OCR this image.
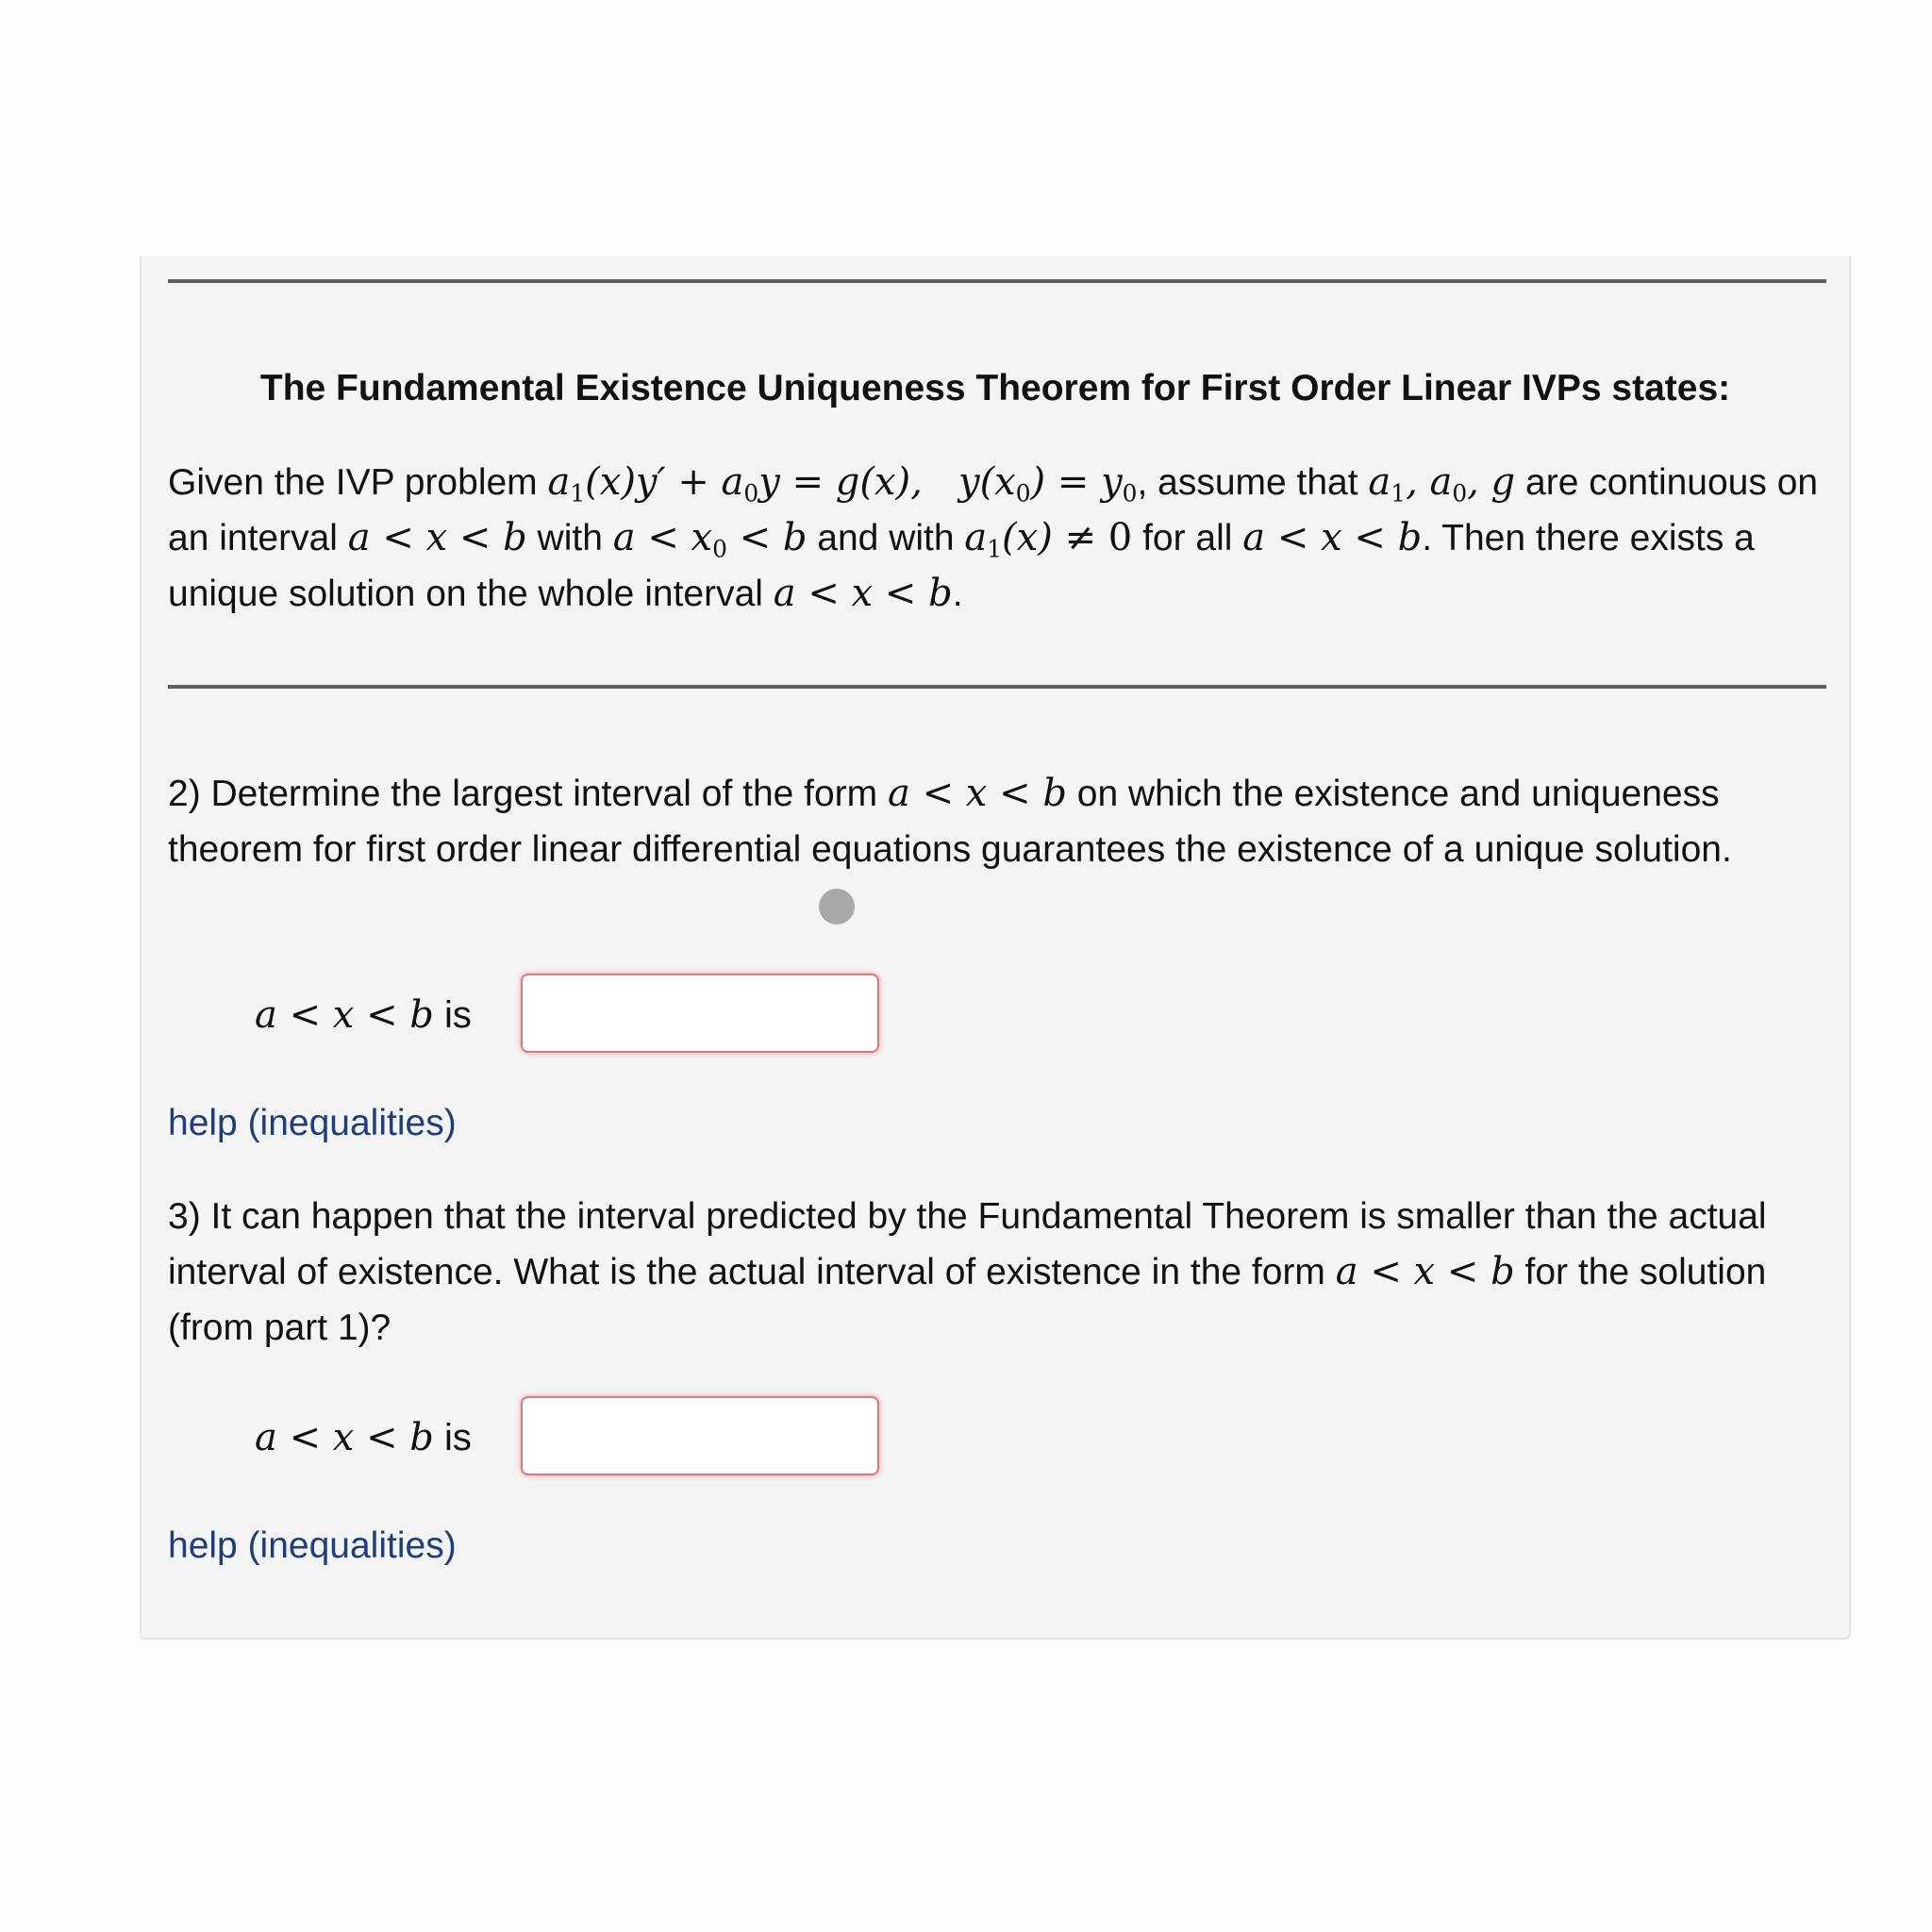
The Fundamental Existence Uniqueness Theorem for First Order Linear IVPs states:
Given the IVP problem $a_1(x)y' + a_0y = g(x)$,   $y(x_0) = y_0$, assume that $a_1$, $a_0$, g are continuous on an interval a < x < b with $a < x_0 < b$ and with $a_1(x) \ne 0$ for all a < x < b. Then there exists a unique solution on the whole interval a < x < b.
2) Determine the largest interval of the form a < x < b on which the existence and uniqueness theorem for first order linear differential equations guarantees the existence of a unique solution.
a < x < b is
help (inequalities)
3) It can happen that the interval predicted by the Fundamental Theorem is smaller than the actual interval of existence. What is the actual interval of existence in the form a < x < b for the solution (from part 1)?
a < x < b is
help (inequalities)
